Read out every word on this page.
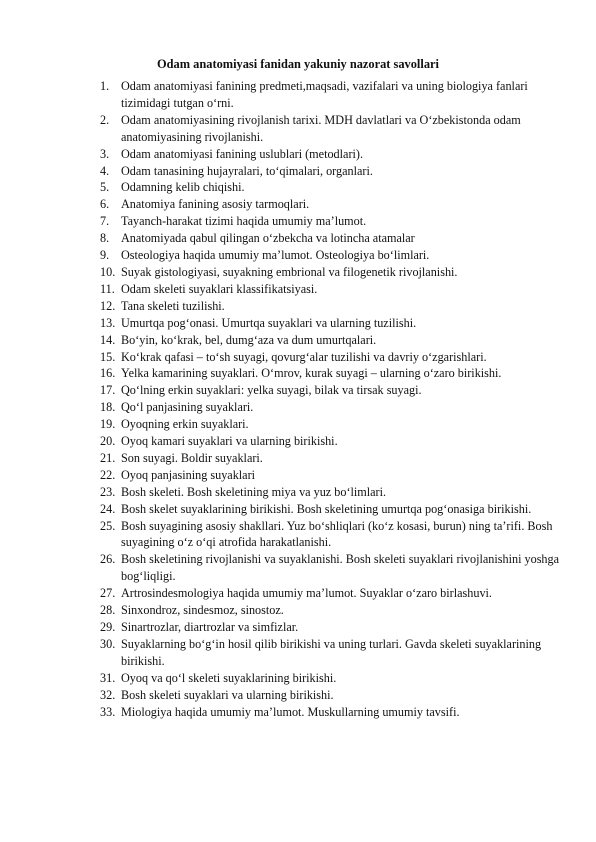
Odam anatomiyasi fanidan yakuniy nazorat savollari
1. Odam anatomiyasi fanining predmeti,maqsadi, vazifalari va uning biologiya fanlari tizimidagi tutgan o‘rni.
2. Odam anatomiyasining rivojlanish tarixi. MDH davlatlari va O‘zbekistonda odam anatomiyasining rivojlanishi.
3. Odam anatomiyasi fanining uslublari (metodlari).
4. Odam tanasining hujayralari, to‘qimalari, organlari.
5. Odamning kelib chiqishi.
6. Anatomiya fanining asosiy tarmoqlari.
7. Tayanch-harakat tizimi haqida umumiy ma’lumot.
8. Anatomiyada qabul qilingan o‘zbekcha va lotincha atamalar
9. Osteologiya haqida umumiy ma’lumot. Osteologiya bo‘limlari.
10. Suyak gistologiyasi, suyakning embrional va filogenetik rivojlanishi.
11. Odam skeleti suyaklari klassifikatsiyasi.
12. Tana skeleti tuzilishi.
13. Umurtqa pog‘onasi. Umurtqa suyaklari va ularning tuzilishi.
14. Bo‘yin, ko‘krak, bel, dumg‘aza va dum umurtqalari.
15. Ko‘krak qafasi – to‘sh suyagi, qovurg‘alar tuzilishi va davriy o‘zgarishlari.
16. Yelka kamarining suyaklari. O‘mrov, kurak suyagi – ularning o‘zaro birikishi.
17. Qo‘lning erkin suyaklari: yelka suyagi, bilak va tirsak suyagi.
18. Qo‘l panjasining suyaklari.
19. Oyoqning erkin suyaklari.
20. Oyoq kamari suyaklari va ularning birikishi.
21. Son suyagi. Boldir suyaklari.
22. Oyoq panjasining suyaklari
23. Bosh skeleti. Bosh skeletining miya va yuz bo‘limlari.
24. Bosh skelet suyaklarining birikishi. Bosh skeletining umurtqa pog‘onasiga birikishi.
25. Bosh suyagining asosiy shakllari. Yuz bo‘shliqlari (ko‘z kosasi, burun) ning ta’rifi. Bosh suyagining o‘z o‘qi atrofida harakatlanishi.
26. Bosh skeletining rivojlanishi va suyaklanishi. Bosh skeleti suyaklari rivojlanishini yoshga bog‘liqligi.
27. Artrosindesmologiya haqida umumiy ma’lumot. Suyaklar o‘zaro birlashuvi.
28. Sinxondroz, sindesmoz, sinostoz.
29. Sinartrozlar, diartrozlar va simfizlar.
30. Suyaklarning bo‘g‘in hosil qilib birikishi va uning turlari. Gavda skeleti suyaklarining birikishi.
31. Oyoq va qo‘l skeleti suyaklarining birikishi.
32. Bosh skeleti suyaklari va ularning birikishi.
33. Miologiya haqida umumiy ma’lumot. Muskullarning umumiy tavsifi.
